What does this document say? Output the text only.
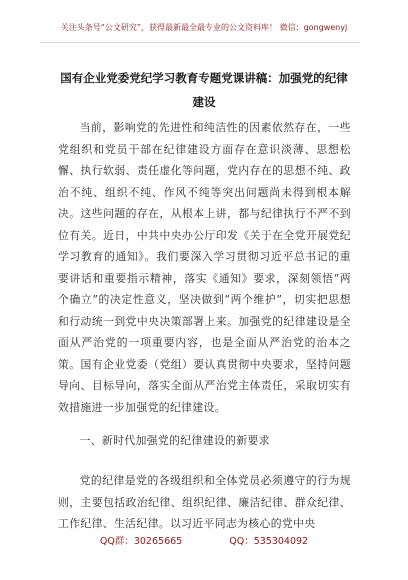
关注头条号“公文研究”，获得最新最全最专业的公文资料库！ 微信：gongwenyj
国有企业党委党纪学习教育专题党课讲稿：加强党的纪律建设

当前，影响党的先进性和纯洁性的因素依然存在，一些党组织和党员干部在纪律建设方面存在意识淡薄、思想松懈、执行软弱、责任虚化等问题，党内存在的思想不纯、政治不纯、组织不纯、作风不纯等突出问题尚未得到根本解决。这些问题的存在，从根本上讲，都与纪律执行不严不到位有关。近日，中共中央办公厅印发《关于在全党开展党纪学习教育的通知》。我们要深入学习贯彻习近平总书记的重要讲话和重要指示精神，落实《通知》要求，深刻领悟“两个确立”的决定性意义，坚决做到“两个维护”，切实把思想和行动统一到党中央决策部署上来。加强党的纪律建设是全面从严治党的一项重要内容，也是全面从严治党的治本之策。国有企业党委（党组）要认真贯彻中央要求，坚持问题导向、目标导向，落实全面从严治党主体责任，采取切实有效措施进一步加强党的纪律建设。

一、新时代加强党的纪律建设的新要求

党的纪律是党的各级组织和全体党员必须遵守的行为规则，主要包括政治纪律、组织纪律、廉洁纪律、群众纪律、工作纪律、生活纪律。以习近平同志为核心的党中央

QQ群：30265665	QQ：535304092
